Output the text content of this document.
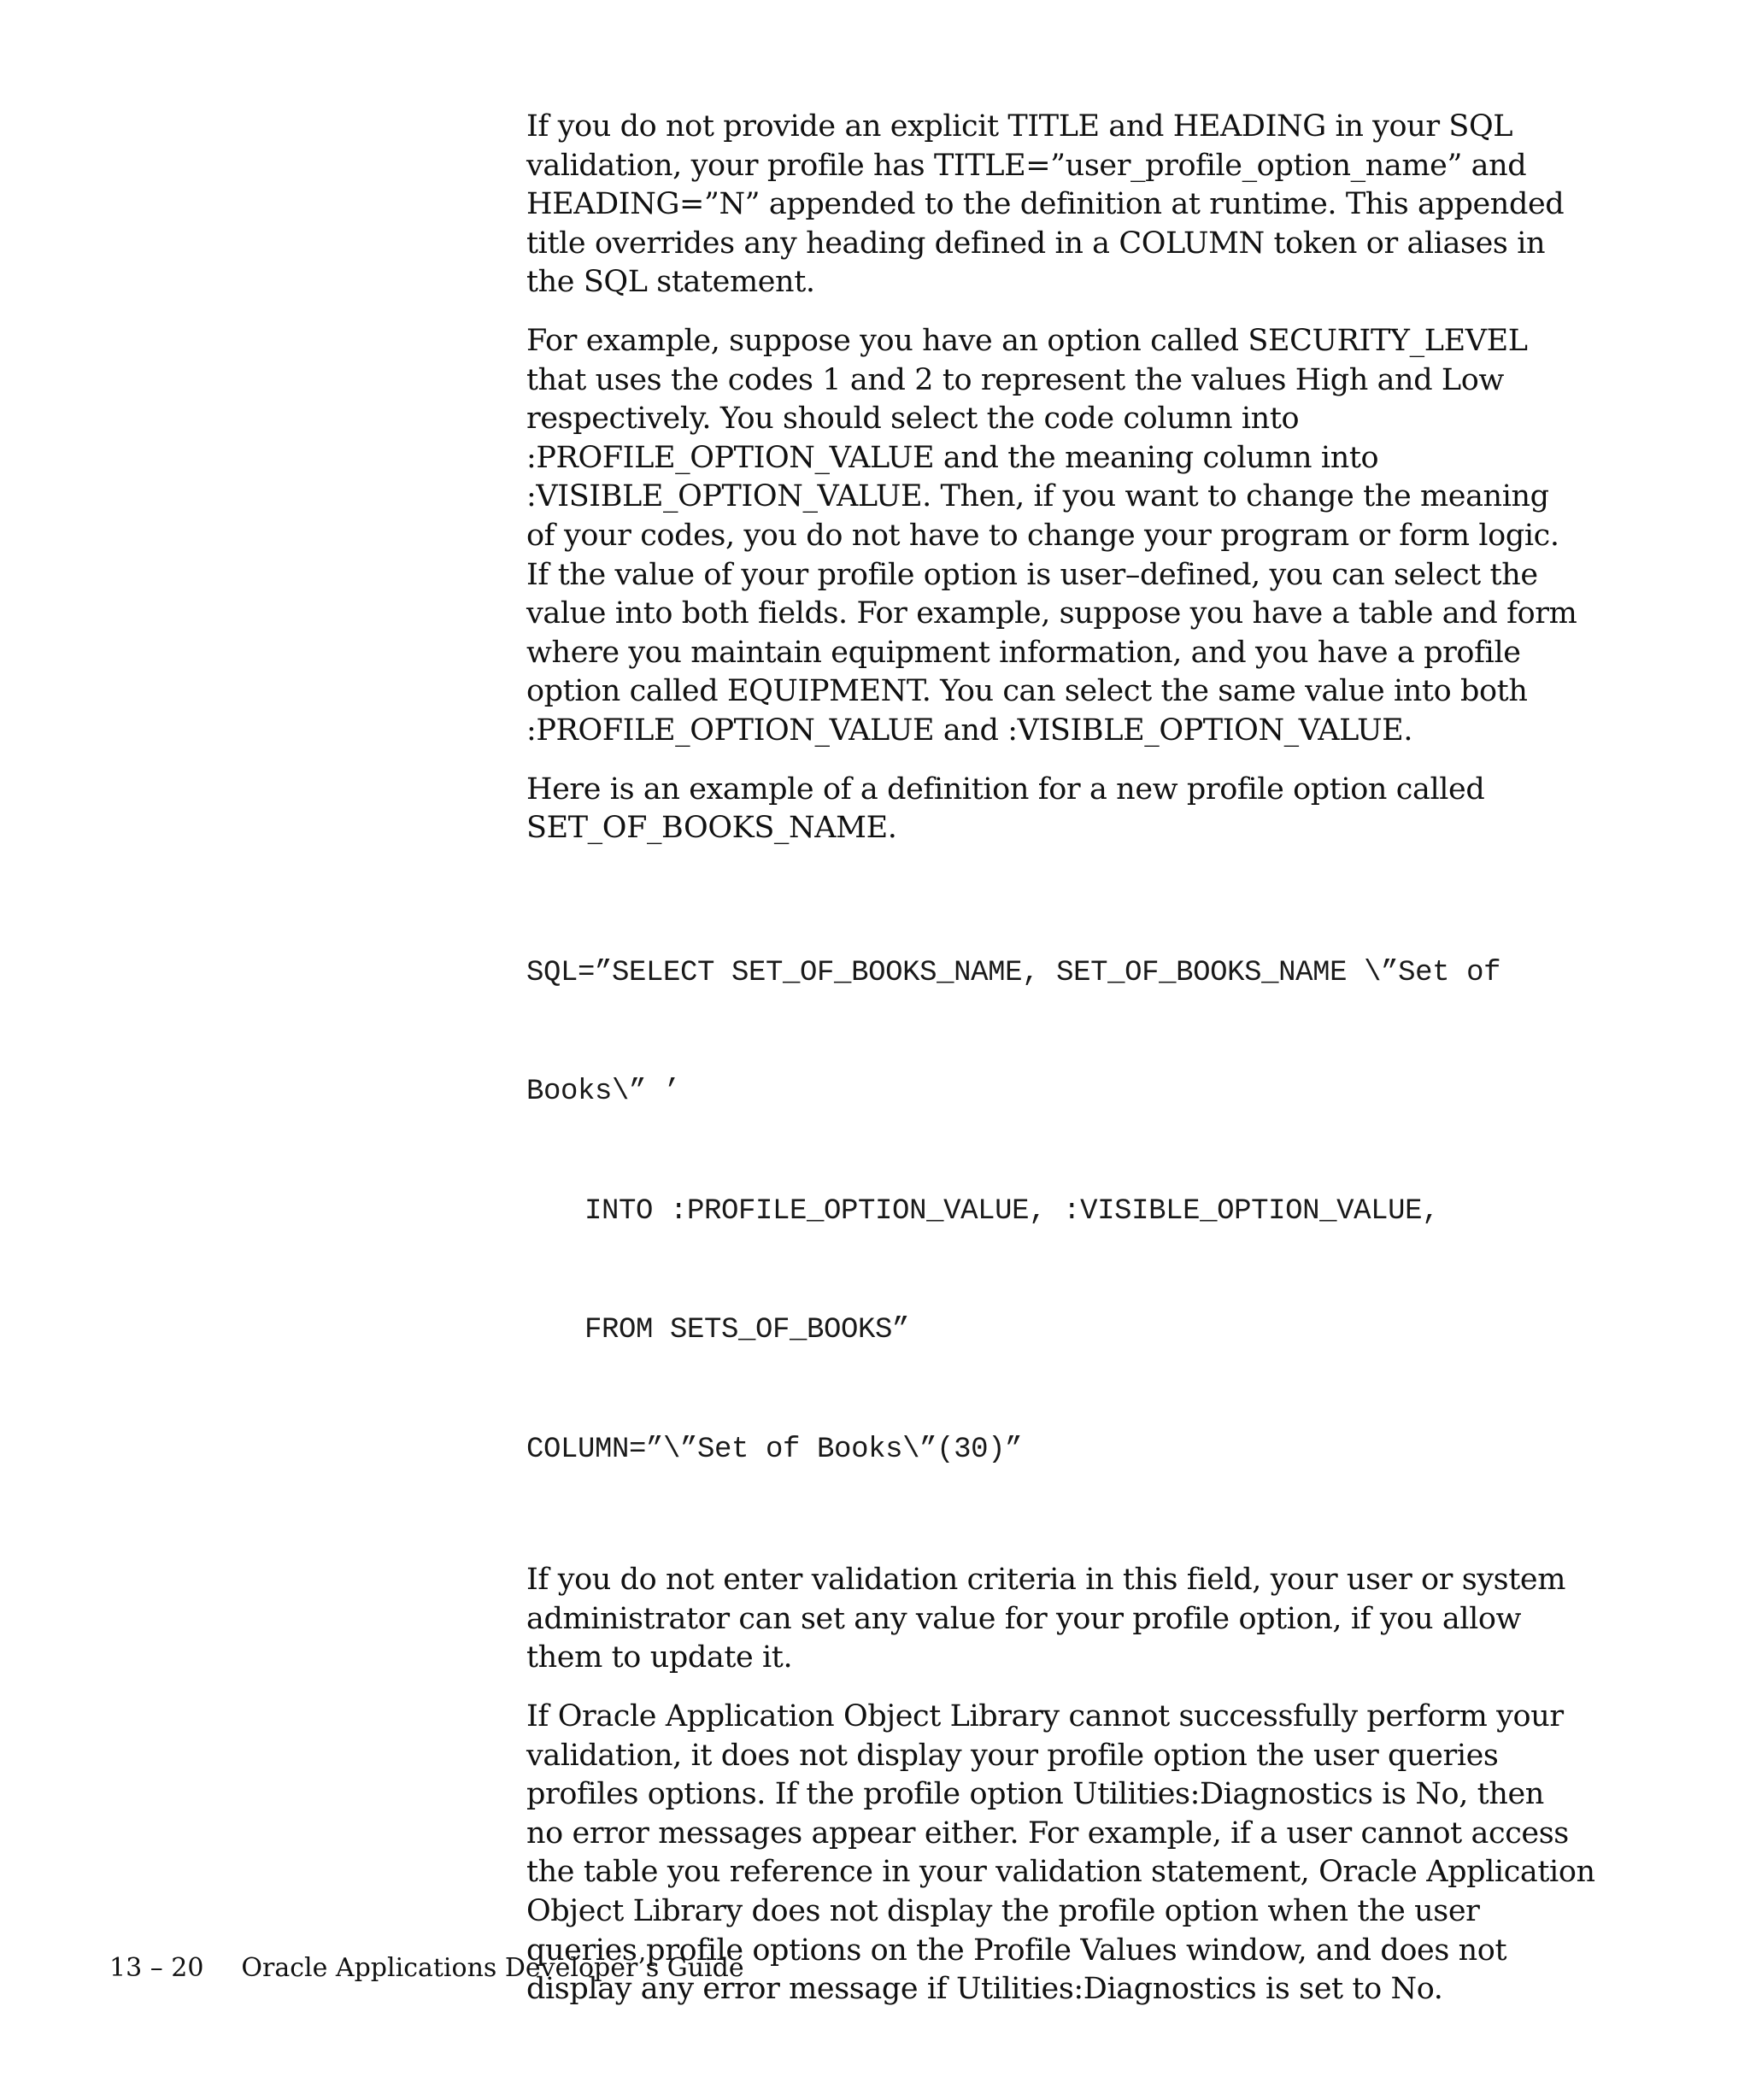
If you do not provide an explicit TITLE and HEADING in your SQL
validation, your profile has TITLE=”user_profile_option_name” and
HEADING=”N” appended to the definition at runtime. This appended
title overrides any heading defined in a COLUMN token or aliases in
the SQL statement.

For example, suppose you have an option called SECURITY_LEVEL
that uses the codes 1 and 2 to represent the values High and Low
respectively. You should select the code column into
:PROFILE_OPTION_VALUE and the meaning column into
:VISIBLE_OPTION_VALUE. Then, if you want to change the meaning
of your codes, you do not have to change your program or form logic.
If the value of your profile option is user–defined, you can select the
value into both fields. For example, suppose you have a table and form
where you maintain equipment information, and you have a profile
option called EQUIPMENT. You can select the same value into both
:PROFILE_OPTION_VALUE and :VISIBLE_OPTION_VALUE.

Here is an example of a definition for a new profile option called
SET_OF_BOOKS_NAME.

SQL=”SELECT SET_OF_BOOKS_NAME, SET_OF_BOOKS_NAME \”Set of

Books\” ’

INTO :PROFILE_OPTION_VALUE, :VISIBLE_OPTION_VALUE,

FROM SETS_OF_BOOKS”

COLUMN=”\”Set of Books\”(30)”

If you do not enter validation criteria in this field, your user or system
administrator can set any value for your profile option, if you allow
them to update it.

If Oracle Application Object Library cannot successfully perform your
validation, it does not display your profile option the user queries
profiles options. If the profile option Utilities:Diagnostics is No, then
no error messages appear either. For example, if a user cannot access
the table you reference in your validation statement, Oracle Application
Object Library does not display the profile option when the user
queries profile options on the Profile Values window, and does not
display any error message if Utilities:Diagnostics is set to No.

13 – 20 Oracle Applications Developer’s Guide
